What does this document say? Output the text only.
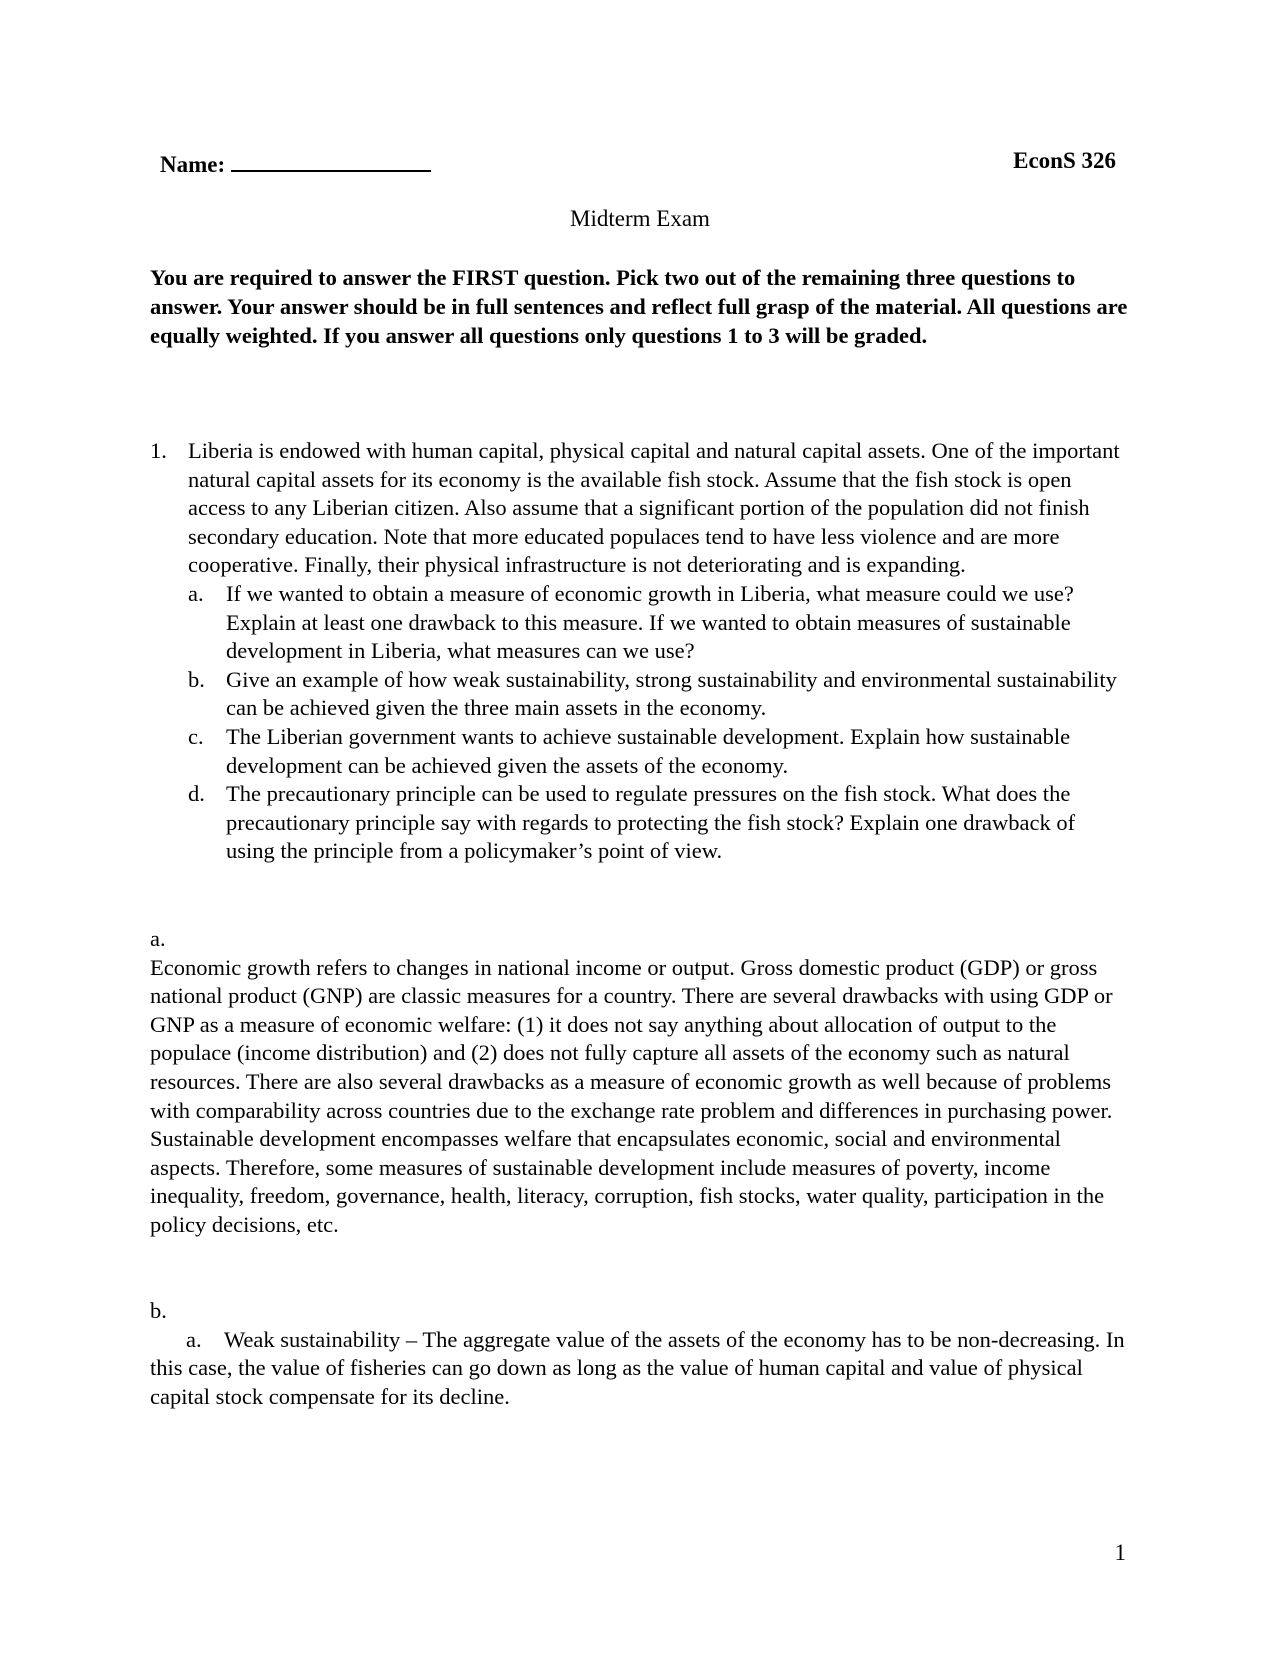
Name:	EconS 326
Midterm Exam
You are required to answer the FIRST question. Pick two out of the remaining three questions to answer. Your answer should be in full sentences and reflect full grasp of the material. All questions are equally weighted. If you answer all questions only questions 1 to 3 will be graded.
1. Liberia is endowed with human capital, physical capital and natural capital assets. One of the important natural capital assets for its economy is the available fish stock. Assume that the fish stock is open access to any Liberian citizen. Also assume that a significant portion of the population did not finish secondary education. Note that more educated populaces tend to have less violence and are more cooperative. Finally, their physical infrastructure is not deteriorating and is expanding.
a. If we wanted to obtain a measure of economic growth in Liberia, what measure could we use? Explain at least one drawback to this measure. If we wanted to obtain measures of sustainable development in Liberia, what measures can we use?
b. Give an example of how weak sustainability, strong sustainability and environmental sustainability can be achieved given the three main assets in the economy.
c. The Liberian government wants to achieve sustainable development. Explain how sustainable development can be achieved given the assets of the economy.
d. The precautionary principle can be used to regulate pressures on the fish stock. What does the precautionary principle say with regards to protecting the fish stock? Explain one drawback of using the principle from a policymaker’s point of view.

a.

Economic growth refers to changes in national income or output. Gross domestic product (GDP) or gross national product (GNP) are classic measures for a country. There are several drawbacks with using GDP or GNP as a measure of economic welfare: (1) it does not say anything about allocation of output to the populace (income distribution) and (2) does not fully capture all assets of the economy such as natural resources. There are also several drawbacks as a measure of economic growth as well because of problems with comparability across countries due to the exchange rate problem and differences in purchasing power. Sustainable development encompasses welfare that encapsulates economic, social and environmental aspects. Therefore, some measures of sustainable development include measures of poverty, income inequality, freedom, governance, health, literacy, corruption, fish stocks, water quality, participation in the policy decisions, etc.

b.

a. Weak sustainability – The aggregate value of the assets of the economy has to be non-decreasing. In this case, the value of fisheries can go down as long as the value of human capital and value of physical capital stock compensate for its decline.

1
